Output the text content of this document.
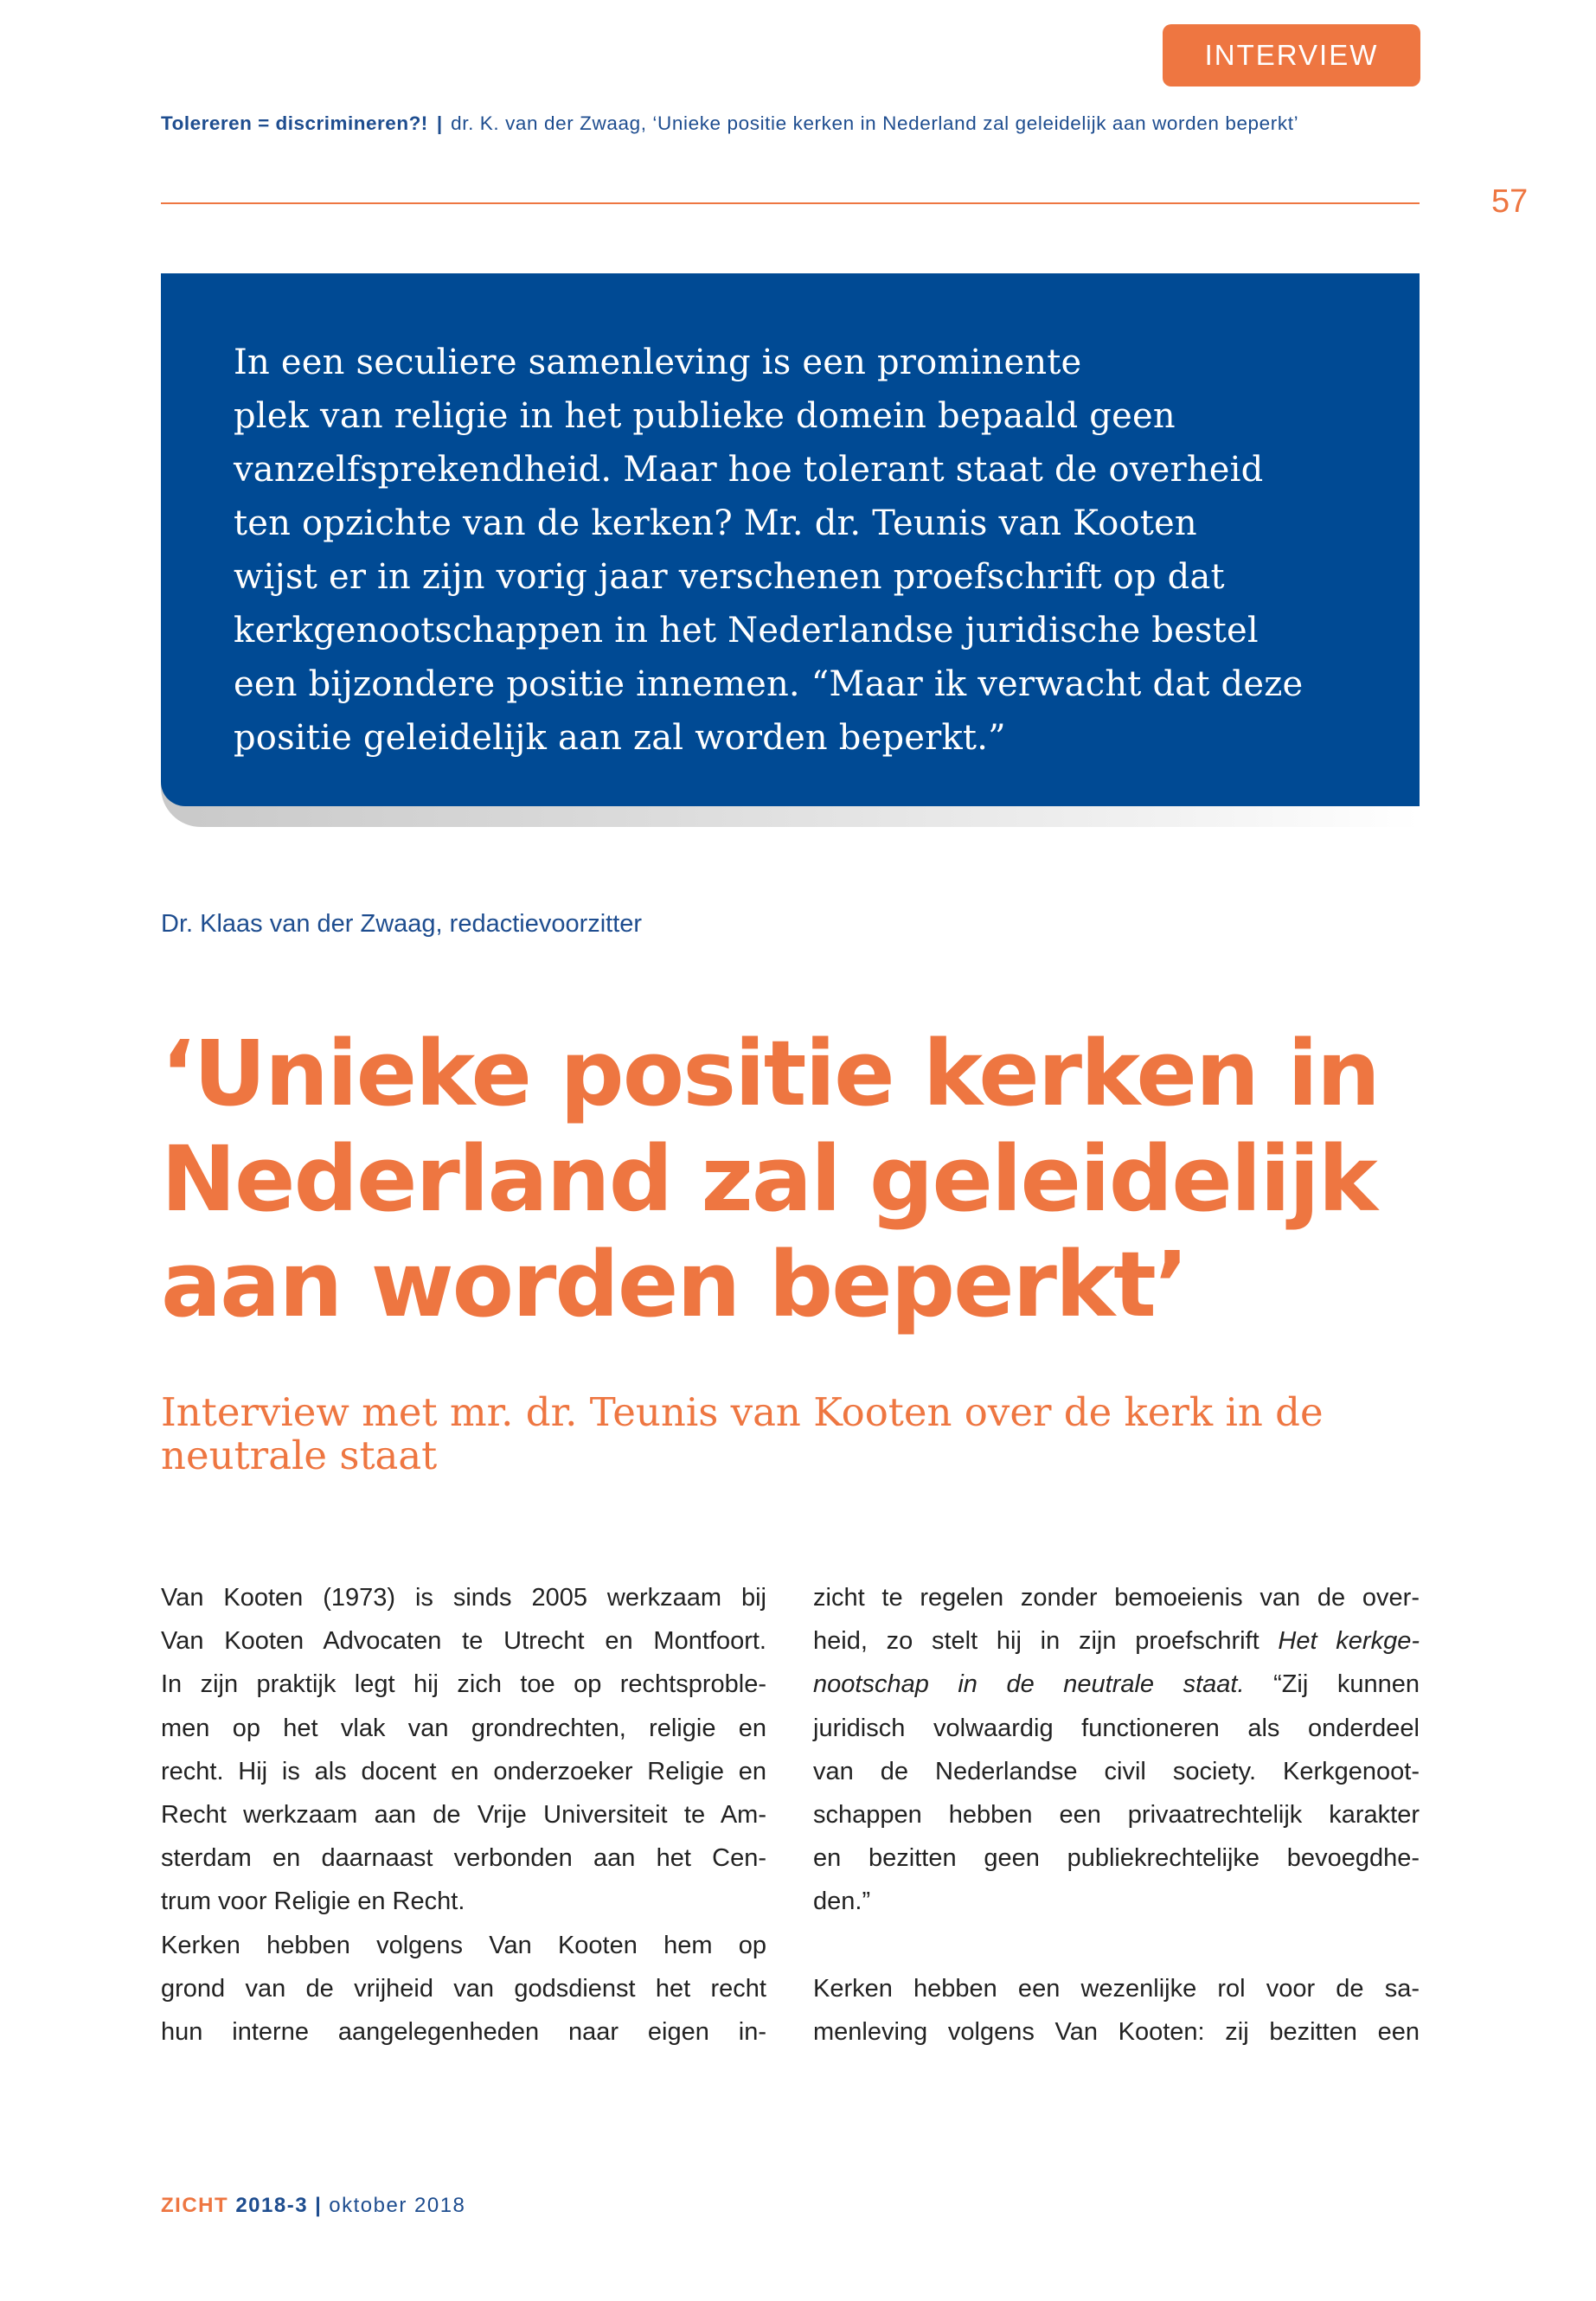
INTERVIEW
Tolereren = discrimineren?! | dr. K. van der Zwaag, ‘Unieke positie kerken in Nederland zal geleidelijk aan worden beperkt’
57
In een seculiere samenleving is een prominente
plek van religie in het publieke domein bepaald geen
vanzelfsprekendheid. Maar hoe tolerant staat de overheid
ten opzichte van de kerken? Mr. dr. Teunis van Kooten
wijst er in zijn vorig jaar verschenen proefschrift op dat
kerkgenootschappen in het Nederlandse juridische bestel
een bijzondere positie innemen. “Maar ik verwacht dat deze
positie geleidelijk aan zal worden beperkt.”
Dr. Klaas van der Zwaag, redactievoorzitter
‘Unieke positie kerken in
Nederland zal geleidelijk
aan worden beperkt’
Interview met mr. dr. Teunis van Kooten over de kerk in de
neutrale staat
Van Kooten (1973) is sinds 2005 werkzaam bij
Van Kooten Advocaten te Utrecht en Montfoort.
In zijn praktijk legt hij zich toe op rechtsproble-
men op het vlak van grondrechten, religie en
recht. Hij is als docent en onderzoeker Religie en
Recht werkzaam aan de Vrije Universiteit te Am-
sterdam en daarnaast verbonden aan het Cen-
trum voor Religie en Recht.
Kerken hebben volgens Van Kooten hem op
grond van de vrijheid van godsdienst het recht
hun interne aangelegenheden naar eigen in-
zicht te regelen zonder bemoeienis van de over-
heid, zo stelt hij in zijn proefschrift Het kerkge-
nootschap in de neutrale staat. “Zij kunnen
juridisch volwaardig functioneren als onderdeel
van de Nederlandse civil society. Kerkgenoot-
schappen hebben een privaatrechtelijk karakter
en bezitten geen publiekrechtelijke bevoegdhe-
den.”
Kerken hebben een wezenlijke rol voor de sa-
menleving volgens Van Kooten: zij bezitten een
ZICHT 2018-3 | oktober 2018
